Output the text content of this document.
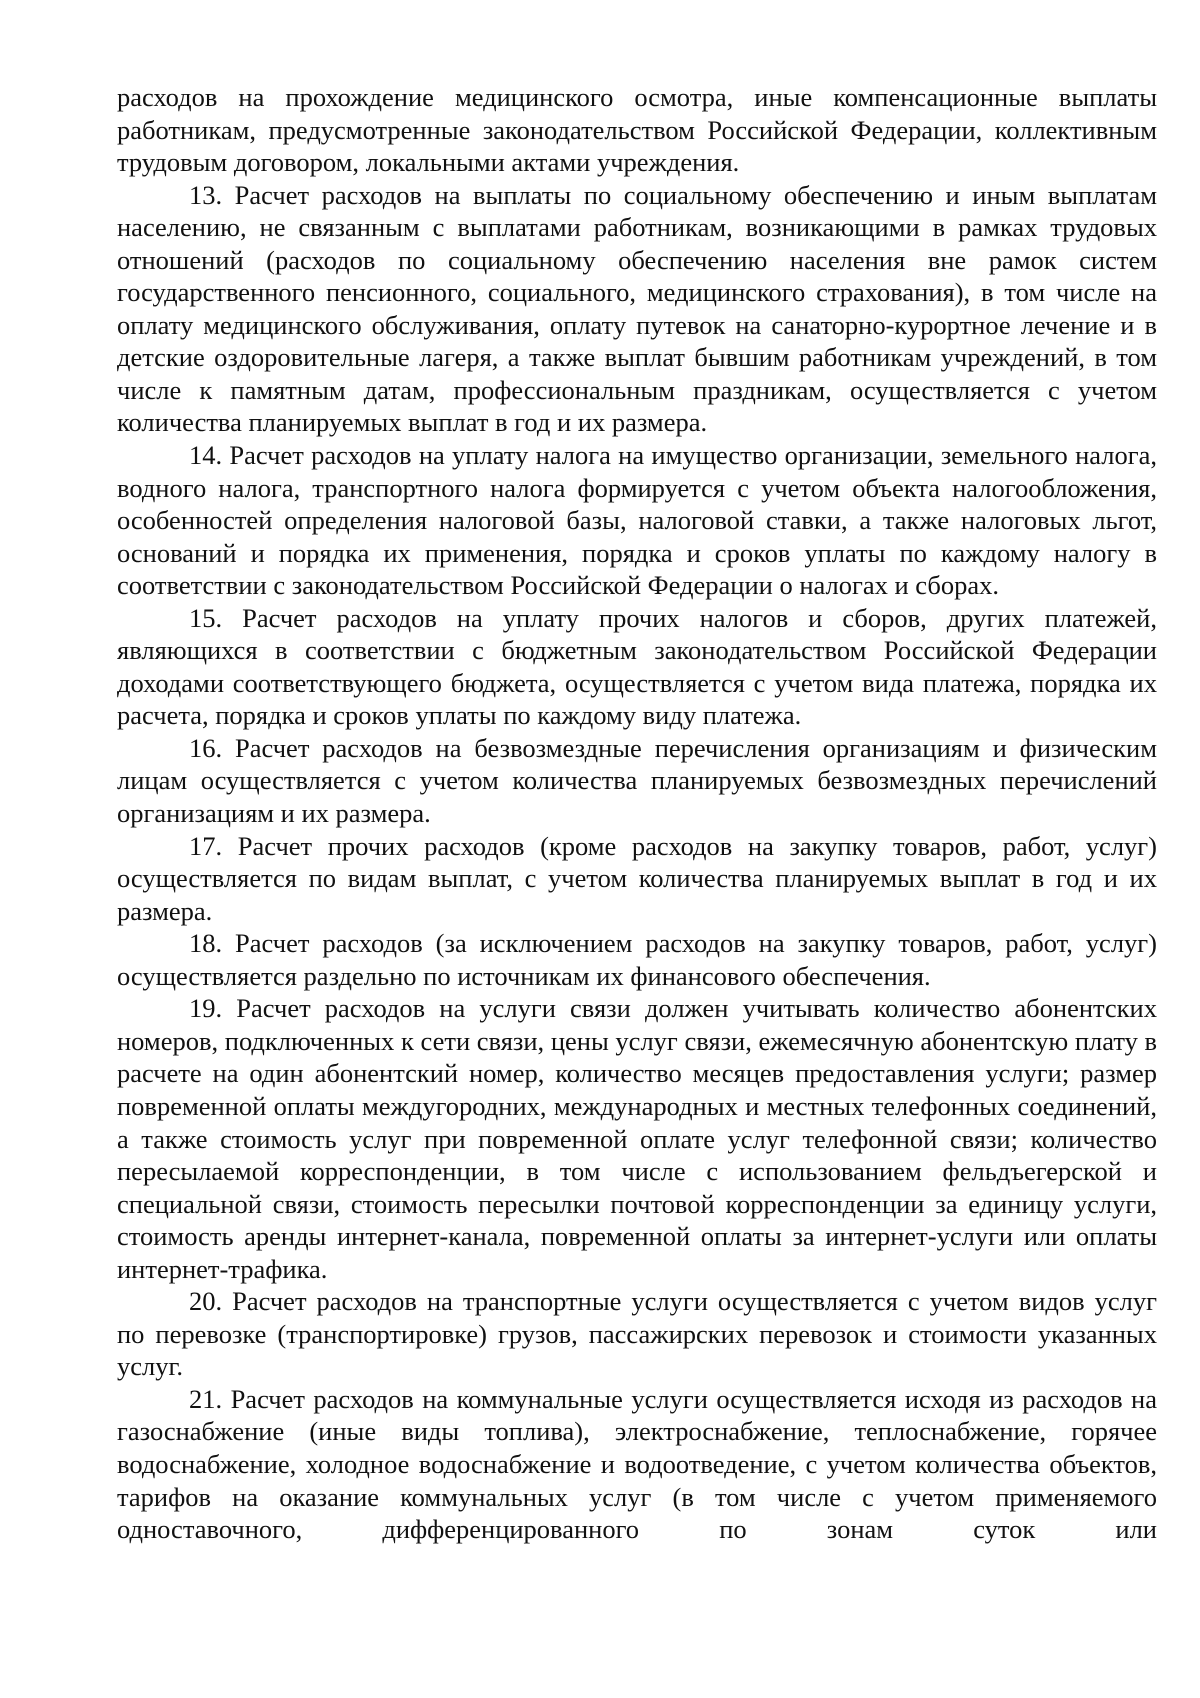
расходов на прохождение медицинского осмотра, иные компенсационные выплаты работникам, предусмотренные законодательством Российской Федерации, коллективным трудовым договором, локальными актами учреждения.

13. Расчет расходов на выплаты по социальному обеспечению и иным выплатам населению, не связанным с выплатами работникам, возникающими в рамках трудовых отношений (расходов по социальному обеспечению населения вне рамок систем государственного пенсионного, социального, медицинского страхования), в том числе на оплату медицинского обслуживания, оплату путевок на санаторно-курортное лечение и в детские оздоровительные лагеря, а также выплат бывшим работникам учреждений, в том числе к памятным датам, профессиональным праздникам, осуществляется с учетом количества планируемых выплат в год и их размера.

14. Расчет расходов на уплату налога на имущество организации, земельного налога, водного налога, транспортного налога формируется с учетом объекта налогообложения, особенностей определения налоговой базы, налоговой ставки, а также налоговых льгот, оснований и порядка их применения, порядка и сроков уплаты по каждому налогу в соответствии с законодательством Российской Федерации о налогах и сборах.

15. Расчет расходов на уплату прочих налогов и сборов, других платежей, являющихся в соответствии с бюджетным законодательством Российской Федерации доходами соответствующего бюджета, осуществляется с учетом вида платежа, порядка их расчета, порядка и сроков уплаты по каждому виду платежа.

16. Расчет расходов на безвозмездные перечисления организациям и физическим лицам осуществляется с учетом количества планируемых безвозмездных перечислений организациям и их размера.

17. Расчет прочих расходов (кроме расходов на закупку товаров, работ, услуг) осуществляется по видам выплат, с учетом количества планируемых выплат в год и их размера.

18. Расчет расходов (за исключением расходов на закупку товаров, работ, услуг) осуществляется раздельно по источникам их финансового обеспечения.

19. Расчет расходов на услуги связи должен учитывать количество абонентских номеров, подключенных к сети связи, цены услуг связи, ежемесячную абонентскую плату в расчете на один абонентский номер, количество месяцев предоставления услуги; размер повременной оплаты междугородних, международных и местных телефонных соединений, а также стоимость услуг при повременной оплате услуг телефонной связи; количество пересылаемой корреспонденции, в том числе с использованием фельдъегерской и специальной связи, стоимость пересылки почтовой корреспонденции за единицу услуги, стоимость аренды интернет-канала, повременной оплаты за интернет-услуги или оплаты интернет-трафика.

20. Расчет расходов на транспортные услуги осуществляется с учетом видов услуг по перевозке (транспортировке) грузов, пассажирских перевозок и стоимости указанных услуг.

21. Расчет расходов на коммунальные услуги осуществляется исходя из расходов на газоснабжение (иные виды топлива), электроснабжение, теплоснабжение, горячее водоснабжение, холодное водоснабжение и водоотведение, с учетом количества объектов, тарифов на оказание коммунальных услуг (в том числе с учетом применяемого одноставочного, дифференцированного по зонам суток или
